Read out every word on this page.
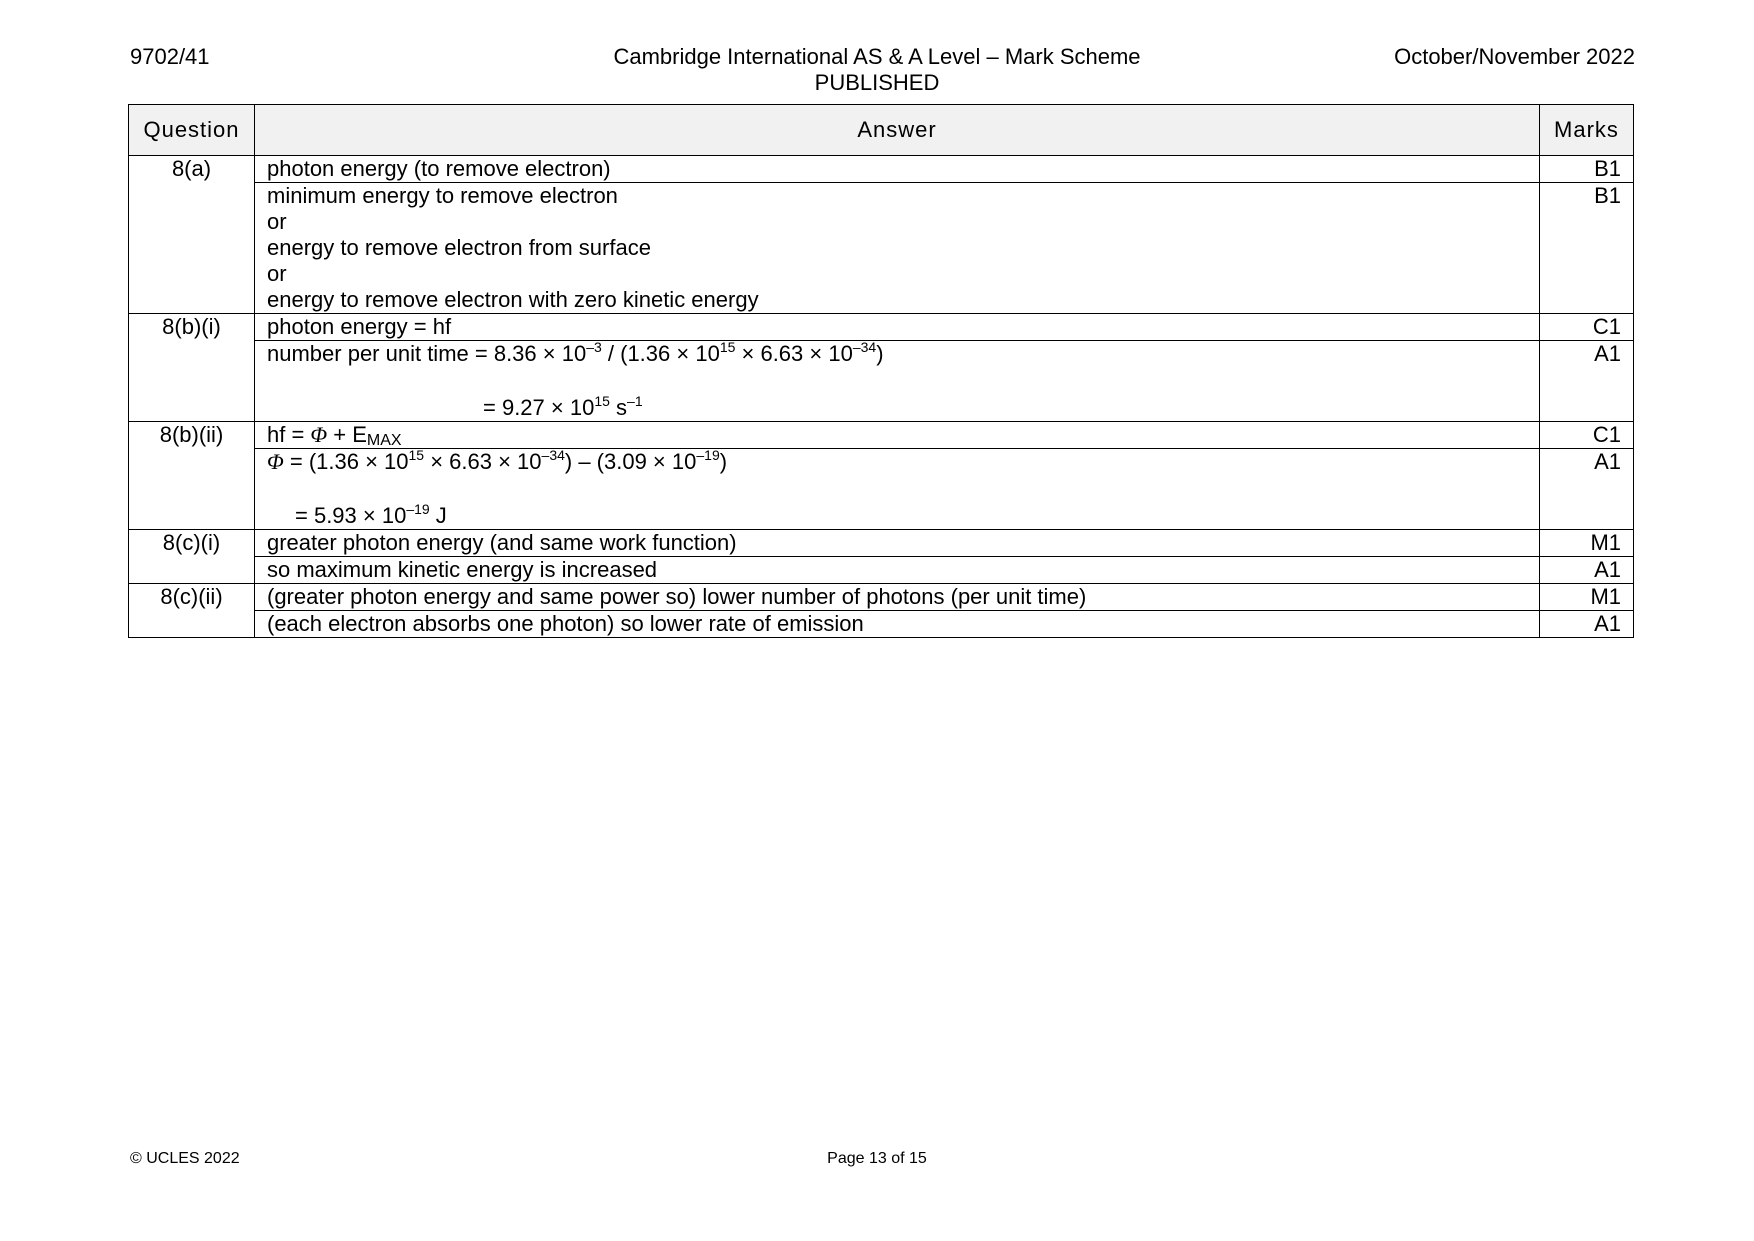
9702/41	Cambridge International AS & A Level – Mark Scheme
PUBLISHED
October/November 2022
Question	Answer	Marks
8(a)	photon energy (to remove electron)	B1

	minimum energy to remove electron
or
energy to remove electron from surface
or
energy to remove electron with zero kinetic energy	B1
8(b)(i)	photon energy = hf	C1

	number per unit time = $8.36 \times 10^{-3} / (1.36 \times 10^{15} \times 6.63 \times 10^{-34})$
= $9.27 \times 10^{15}$ $s^{-1}$	A1
8(b)(ii)	hf = $\Phi + E_{MAX}$	C1

	$\Phi = (1.36 \times 10^{15} \times 6.63 \times 10^{-34}) - (3.09 \times 10^{-19})$
= $5.93 \times 10^{-19}$ J	A1
8(c)(i)	greater photon energy (and same work function)	M1
	so maximum kinetic energy is increased	A1
8(c)(ii)	(greater photon energy and same power so) lower number of photons (per unit time)	M1
	(each electron absorbs one photon) so lower rate of emission	A1
© UCLES 2022	Page 13 of 15
